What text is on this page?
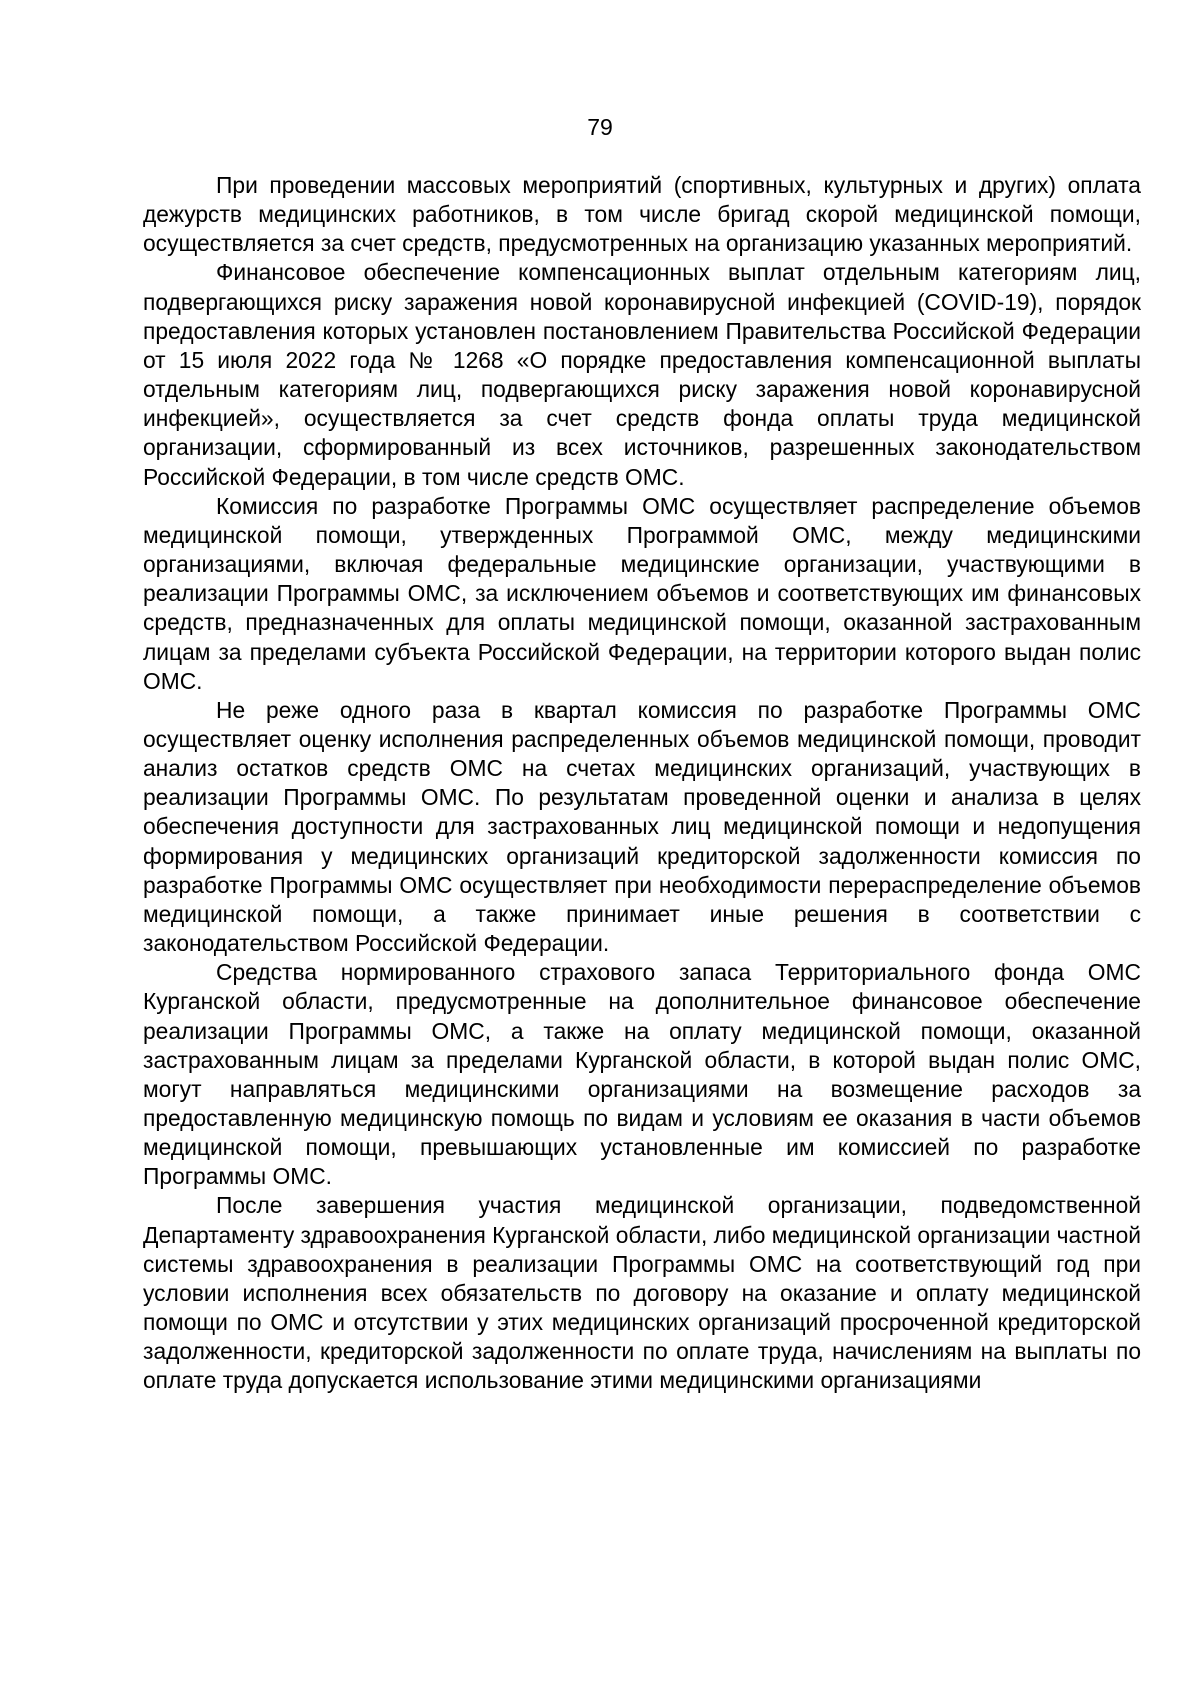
79

При проведении массовых мероприятий (спортивных, культурных и других) оплата дежурств медицинских работников, в том числе бригад скорой медицинской помощи, осуществляется за счет средств, предусмотренных на организацию указанных мероприятий.

Финансовое обеспечение компенсационных выплат отдельным категориям лиц, подвергающихся риску заражения новой коронавирусной инфекцией (COVID-19), порядок предоставления которых установлен постановлением Правительства Российской Федерации от 15 июля 2022 года № 1268 «О порядке предоставления компенсационной выплаты отдельным категориям лиц, подвергающихся риску заражения новой коронавирусной инфекцией», осуществляется за счет средств фонда оплаты труда медицинской организации, сформированный из всех источников, разрешенных законодательством Российской Федерации, в том числе средств ОМС.

Комиссия по разработке Программы ОМС осуществляет распределение объемов медицинской помощи, утвержденных Программой ОМС, между медицинскими организациями, включая федеральные медицинские организации, участвующими в реализации Программы ОМС, за исключением объемов и соответствующих им финансовых средств, предназначенных для оплаты медицинской помощи, оказанной застрахованным лицам за пределами субъекта Российской Федерации, на территории которого выдан полис ОМС.

Не реже одного раза в квартал комиссия по разработке Программы ОМС осуществляет оценку исполнения распределенных объемов медицинской помощи, проводит анализ остатков средств ОМС на счетах медицинских организаций, участвующих в реализации Программы ОМС. По результатам проведенной оценки и анализа в целях обеспечения доступности для застрахованных лиц медицинской помощи и недопущения формирования у медицинских организаций кредиторской задолженности комиссия по разработке Программы ОМС осуществляет при необходимости перераспределение объемов медицинской помощи, а также принимает иные решения в соответствии с законодательством Российской Федерации.

Средства нормированного страхового запаса Территориального фонда ОМС Курганской области, предусмотренные на дополнительное финансовое обеспечение реализации Программы ОМС, а также на оплату медицинской помощи, оказанной застрахованным лицам за пределами Курганской области, в которой выдан полис ОМС, могут направляться медицинскими организациями на возмещение расходов за предоставленную медицинскую помощь по видам и условиям ее оказания в части объемов медицинской помощи, превышающих установленные им комиссией по разработке Программы ОМС.

После завершения участия медицинской организации, подведомственной Департаменту здравоохранения Курганской области, либо медицинской организации частной системы здравоохранения в реализации Программы ОМС на соответствующий год при условии исполнения всех обязательств по договору на оказание и оплату медицинской помощи по ОМС и отсутствии у этих медицинских организаций просроченной кредиторской задолженности, кредиторской задолженности по оплате труда, начислениям на выплаты по оплате труда допускается использование этими медицинскими организациями
